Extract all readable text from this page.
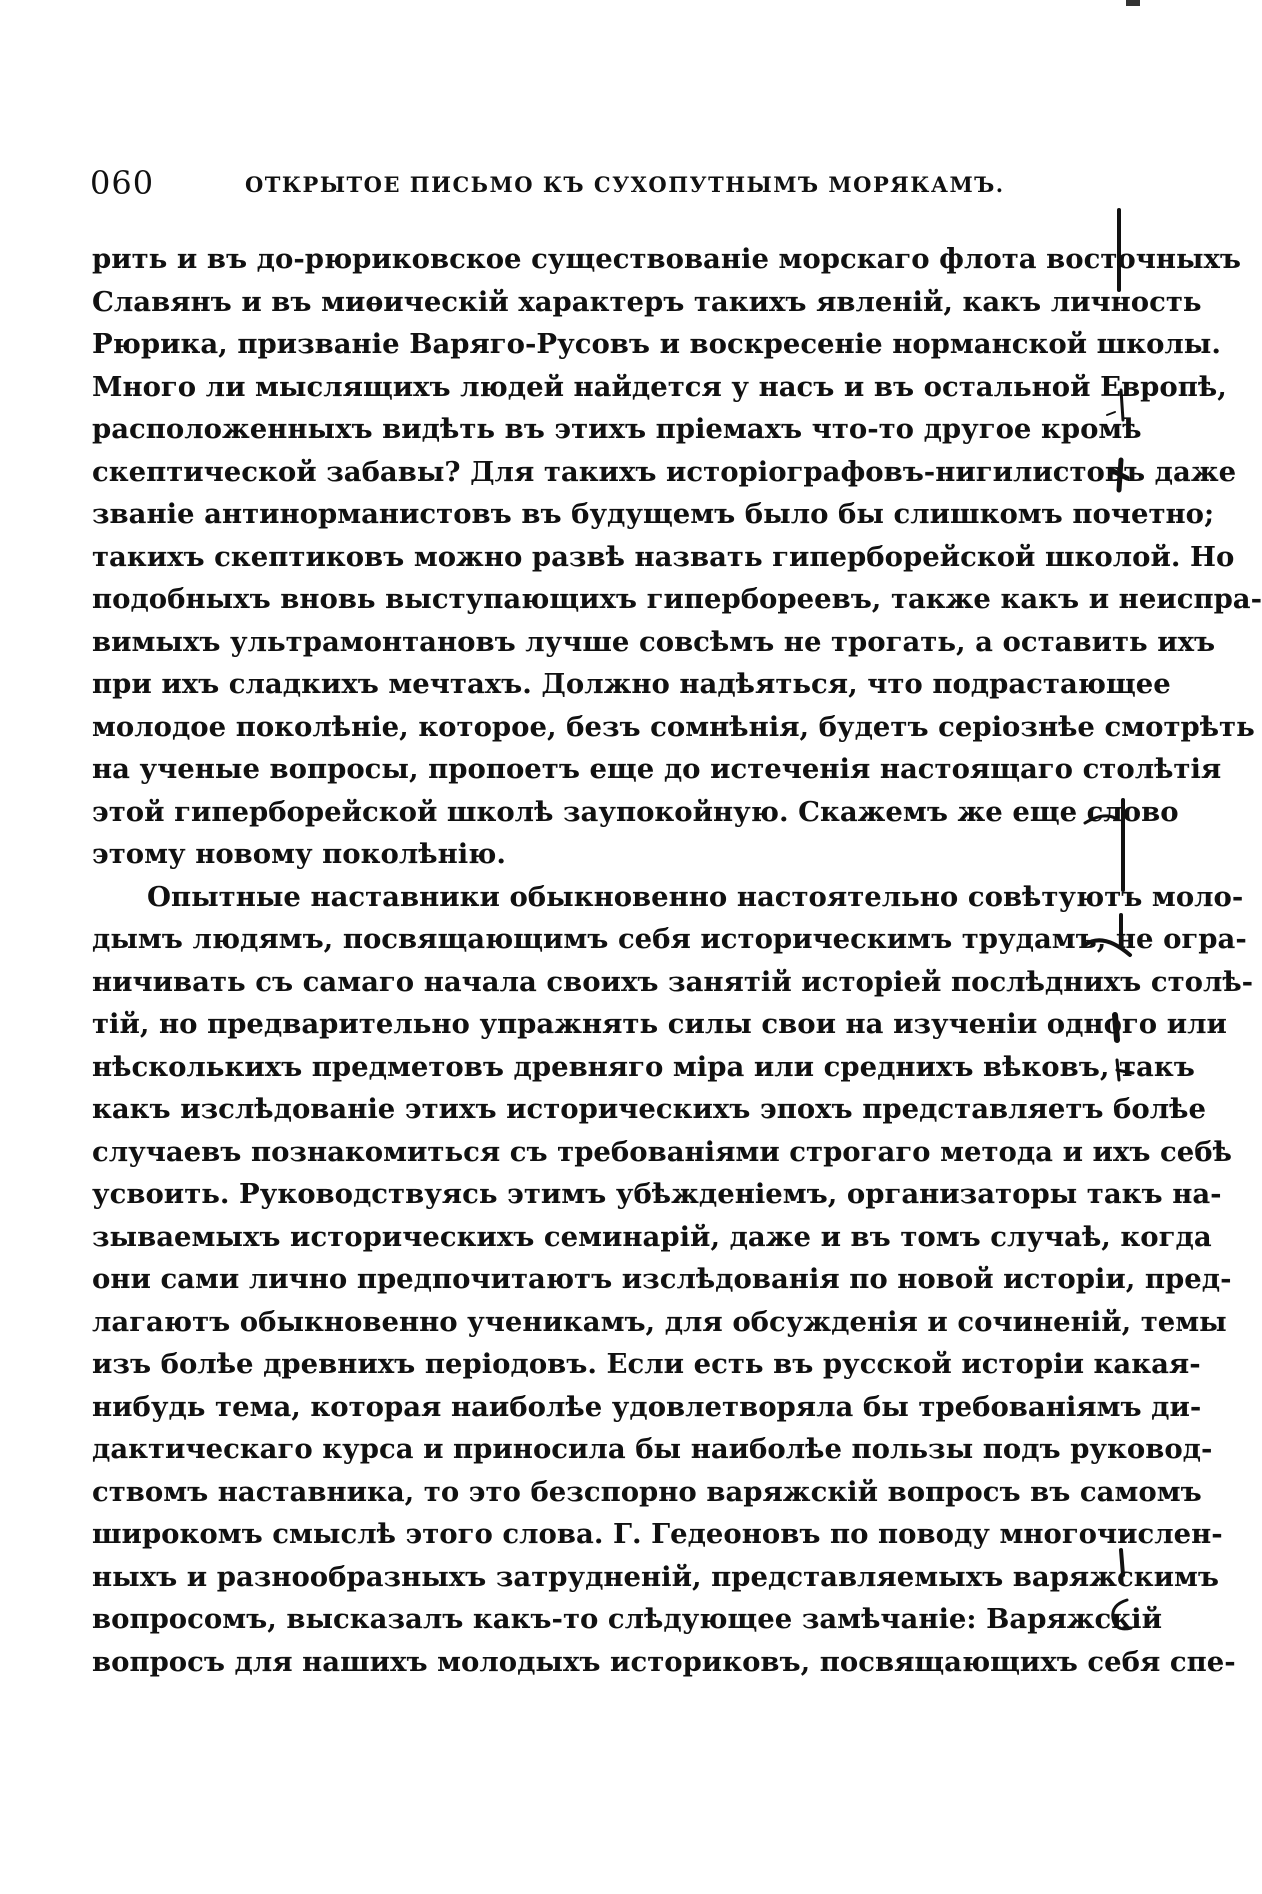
060	ОТКРЫТОЕ ПИСЬМО КЪ СУХОПУТНЫМЪ МОРЯКАМЪ.
рить и въ до-рюриковское существованіе морскаго флота восточныхъ
Славянъ и въ миѳическій характеръ такихъ явленій, какъ личность
Рюрика, призваніе Варяго-Русовъ и воскресеніе норманской школы.
Много ли мыслящихъ людей найдется у насъ и въ остальной Европѣ,
расположенныхъ видѣть въ этихъ пріемахъ что-то другое кромѣ
скептической забавы? Для такихъ исторіографовъ-нигилистовъ даже
званіе антинорманистовъ въ будущемъ было бы слишкомъ почетно;
такихъ скептиковъ можно развѣ назвать гиперборейской школой. Но
подобныхъ вновь выступающихъ гипербореевъ, также какъ и неиспра-
вимыхъ ультрамонтановъ лучше совсѣмъ не трогать, а оставить ихъ
при ихъ сладкихъ мечтахъ. Должно надѣяться, что подрастающее
молодое поколѣніе, которое, безъ сомнѣнія, будетъ серіознѣе смотрѣть
на ученые вопросы, пропоетъ еще до истеченія настоящаго столѣтія
этой гиперборейской школѣ заупокойную. Скажемъ же еще слово
этому новому поколѣнію.
Опытные наставники обыкновенно настоятельно совѣтуютъ моло-
дымъ людямъ, посвящающимъ себя историческимъ трудамъ, не огра-
ничивать съ самаго начала своихъ занятій исторіей послѣднихъ столѣ-
тій, но предварительно упражнять силы свои на изученіи одного или
нѣсколькихъ предметовъ древняго міра или среднихъ вѣковъ, такъ
какъ изслѣдованіе этихъ историческихъ эпохъ представляетъ болѣе
случаевъ познакомиться съ требованіями строгаго метода и ихъ себѣ
усвоить. Руководствуясь этимъ убѣжденіемъ, организаторы такъ на-
зываемыхъ историческихъ семинарій, даже и въ томъ случаѣ, когда
они сами лично предпочитаютъ изслѣдованія по новой исторіи, пред-
лагаютъ обыкновенно ученикамъ, для обсужденія и сочиненій, темы
изъ болѣе древнихъ періодовъ. Если есть въ русской исторіи какая-
нибудь тема, которая наиболѣе удовлетворяла бы требованіямъ ди-
дактическаго курса и приносила бы наиболѣе пользы подъ руковод-
ствомъ наставника, то это безспорно варяжскій вопросъ въ самомъ
широкомъ смыслѣ этого слова. Г. Гедеоновъ по поводу многочислен-
ныхъ и разнообразныхъ затрудненій, представляемыхъ варяжскимъ
вопросомъ, высказалъ какъ-то слѣдующее замѣчаніе: Варяжскій
вопросъ для нашихъ молодыхъ историковъ, посвящающихъ себя спе-
